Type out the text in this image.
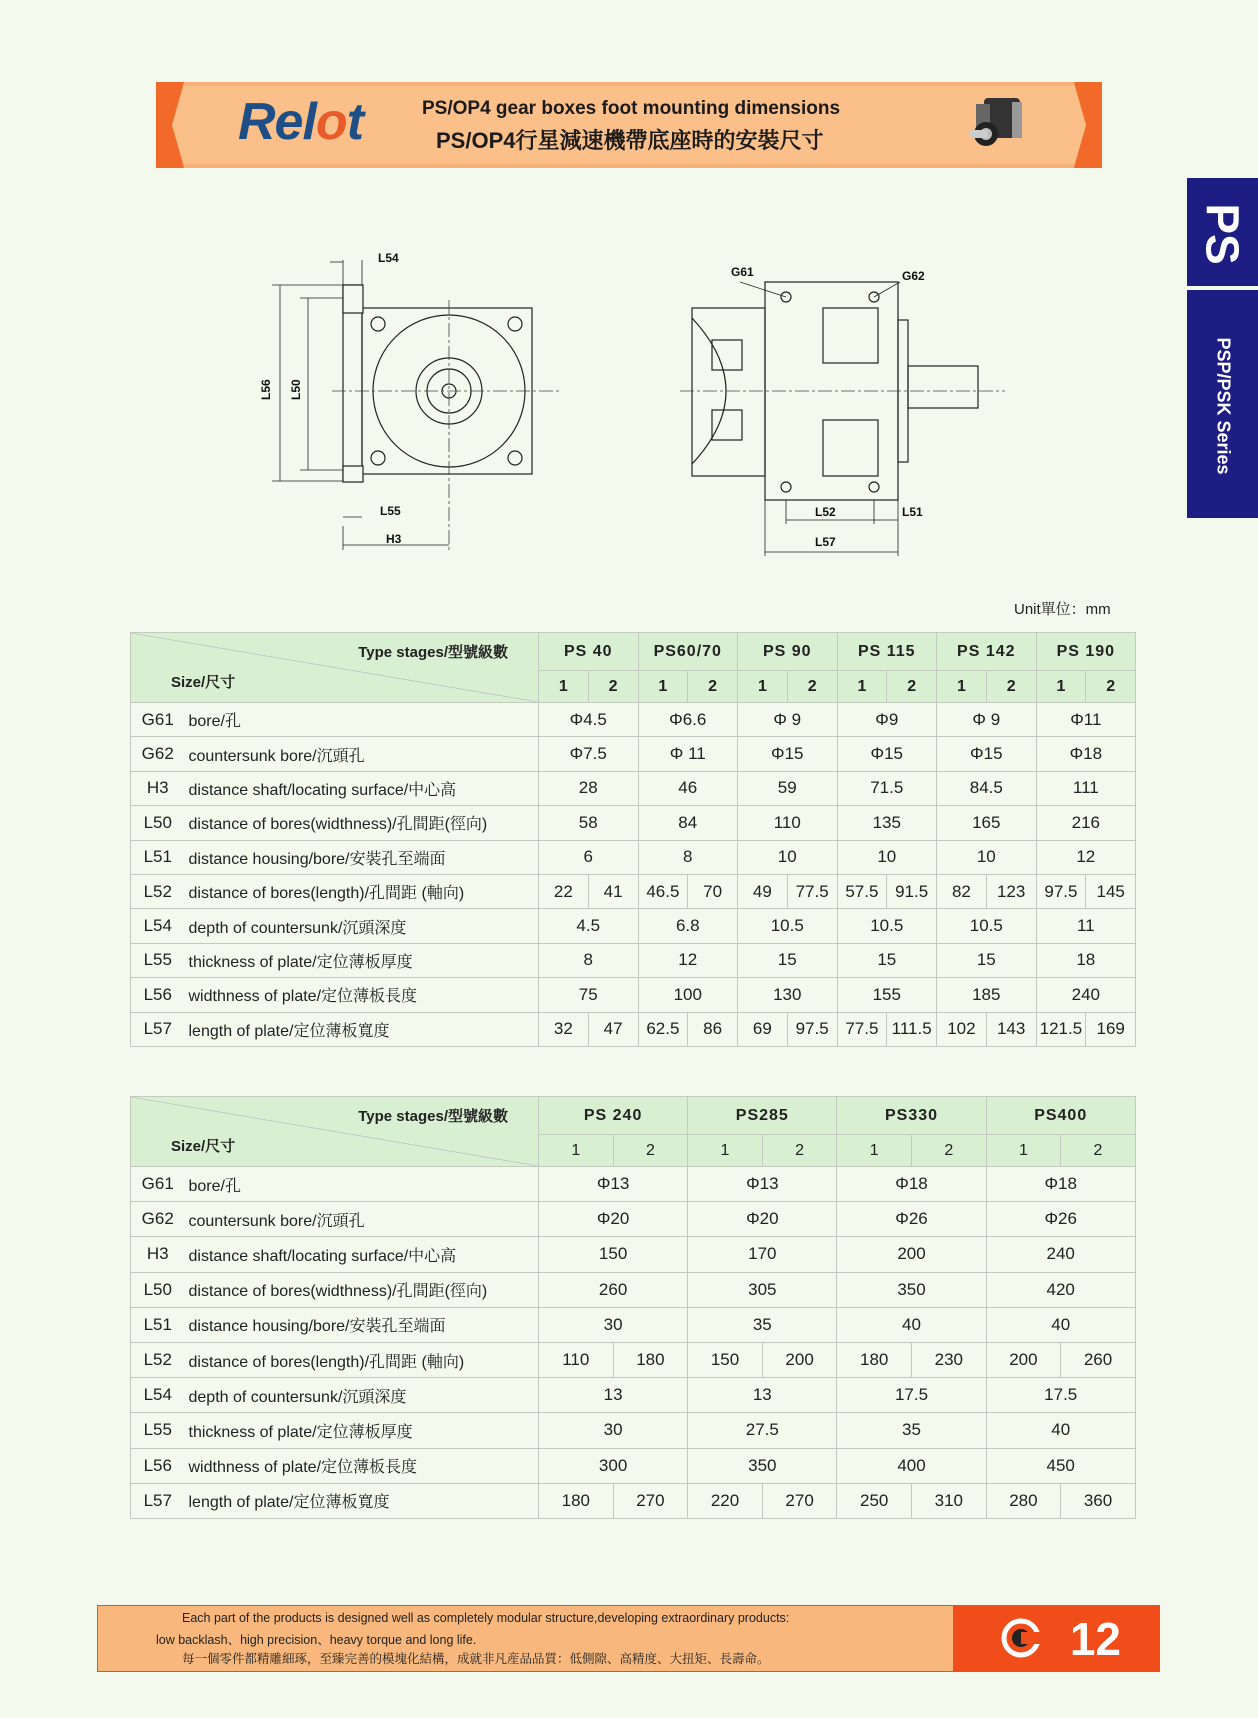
Relot	PS/OP4 gear boxes foot mounting dimensions
PS/OP4行星減速機帶底座時的安裝尺寸
PS
PSP/PSK Series
L54
L56 L50
L55
H3
G61	G62
L52	L51
L57
Unit單位：mm
Type stages/型號級數
Size/尺寸		PS 40		PS60/70		PS 90		PS 115		PS 142		PS 190	
		1	2	1	2	1	2	1	2	1	2	1	2
G61	bore/孔	Φ4.5		Φ6.6		Φ 9		Φ9		Φ 9		Φ11	
G62	countersunk bore/沉頭孔	Φ7.5		Φ 11		Φ15		Φ15		Φ15		Φ18	
H3	distance shaft/locating surface/中心高	28		46		59		71.5		84.5		111	
L50	distance of bores(widthness)/孔間距(徑向)	58		84		110		135		165		216	
L51	distance housing/bore/安裝孔至端面	6		8		10		10		10		12	
L52	distance of bores(length)/孔間距 (軸向)	22	41	46.5	70	49	77.5	57.5	91.5	82	123	97.5	145
L54	depth of countersunk/沉頭深度	4.5		6.8		10.5		10.5		10.5		11	
L55	thickness of plate/定位薄板厚度	8		12		15		15		15		18	
L56	widthness of plate/定位薄板長度	75		100		130		155		185		240	
L57	length of plate/定位薄板寬度	32	47	62.5	86	69	97.5	77.5	111.5	102	143	121.5	169
Type stages/型號級數
Size/尺寸		PS 240		PS285		PS330		PS400	
		1	2	1	2	1	2	1	2
G61	bore/孔	Φ13		Φ13		Φ18		Φ18	
G62	countersunk bore/沉頭孔	Φ20		Φ20		Φ26		Φ26	
H3	distance shaft/locating surface/中心高	150		170		200		240	
L50	distance of bores(widthness)/孔間距(徑向)	260		305		350		420	
L51	distance housing/bore/安裝孔至端面	30		35		40		40	
L52	distance of bores(length)/孔間距 (軸向)	110	180	150	200	180	230	200	260
L54	depth of countersunk/沉頭深度	13		13		17.5		17.5	
L55	thickness of plate/定位薄板厚度	30		27.5		35		40	
L56	widthness of plate/定位薄板長度	300		350		400		450	
L57	length of plate/定位薄板寬度	180	270	220	270	250	310	280	360
Each part of the products is designed well as completely modular structure,developing extraordinary products:
low backlash、high precision、heavy torque and long life.
每一個零件都精雕細琢，至臻完善的模塊化結構，成就非凡産品品質：低側隙、高精度、大扭矩、長壽命。	12
